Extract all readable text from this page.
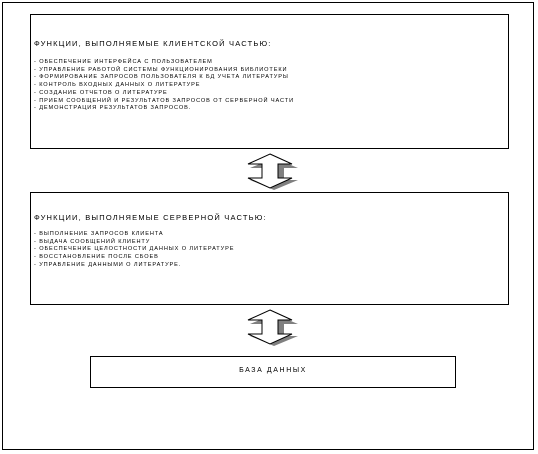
ФУНКЦИИ, ВЫПОЛНЯЕМЫЕ КЛИЕНТСКОЙ ЧАСТЬЮ:
- ОБЕСПЕЧЕНИЕ ИНТЕРФЕЙСА С ПОЛЬЗОВАТЕЛЕМ
- УПРАВЛЕНИЕ РАБОТОЙ СИСТЕМЫ ФУНКЦИОНИРОВАНИЯ БИБЛИОТЕКИ
- ФОРМИРОВАНИЕ ЗАПРОСОВ ПОЛЬЗОВАТЕЛЯ К БД УЧЕТА ЛИТЕРАТУРЫ
- КОНТРОЛЬ ВХОДНЫХ ДАННЫХ О ЛИТЕРАТУРЕ
- СОЗДАНИЕ ОТЧЕТОВ О ЛИТЕРАТУРЕ
- ПРИЕМ СООБЩЕНИЙ И РЕЗУЛЬТАТОВ ЗАПРОСОВ ОТ СЕРВЕРНОЙ ЧАСТИ
- ДЕМОНСТРАЦИЯ РЕЗУЛЬТАТОВ ЗАПРОСОВ.
ФУНКЦИИ, ВЫПОЛНЯЕМЫЕ СЕРВЕРНОЙ ЧАСТЬЮ:
- ВЫПОЛНЕНИЕ ЗАПРОСОВ КЛИЕНТА
- ВЫДАЧА СООБЩЕНИЙ КЛИЕНТУ
- ОБЕСПЕЧЕНИЕ ЦЕЛОСТНОСТИ ДАННЫХ О ЛИТЕРАТУРЕ
- ВОССТАНОВЛЕНИЕ ПОСЛЕ СБОЕВ
- УПРАВЛЕНИЕ ДАННЫМИ О ЛИТЕРАТУРЕ.
БАЗА ДАННЫХ
